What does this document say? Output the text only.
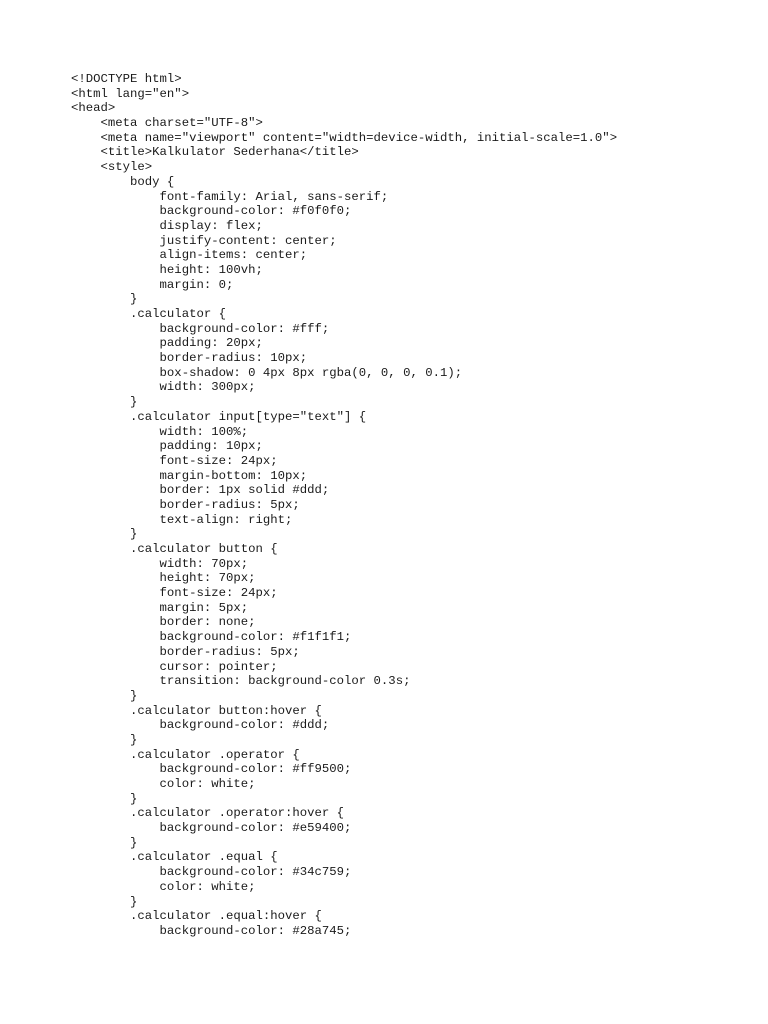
<!DOCTYPE html>
<html lang="en">
<head>
<meta charset="UTF-8">
<meta name="viewport" content="width=device-width, initial-scale=1.0">
<title>Kalkulator Sederhana</title>
<style>
body {
font-family: Arial, sans-serif;
background-color: #f0f0f0;
display: flex;
justify-content: center;
align-items: center;
height: 100vh;
margin: 0;
}
.calculator {
background-color: #fff;
padding: 20px;
border-radius: 10px;
box-shadow: 0 4px 8px rgba(0, 0, 0, 0.1);
width: 300px;
}
.calculator input[type="text"] {
width: 100%;
padding: 10px;
font-size: 24px;
margin-bottom: 10px;
border: 1px solid #ddd;
border-radius: 5px;
text-align: right;
}
.calculator button {
width: 70px;
height: 70px;
font-size: 24px;
margin: 5px;
border: none;
background-color: #f1f1f1;
border-radius: 5px;
cursor: pointer;
transition: background-color 0.3s;
}
.calculator button:hover {
background-color: #ddd;
}
.calculator .operator {
background-color: #ff9500;
color: white;
}
.calculator .operator:hover {
background-color: #e59400;
}
.calculator .equal {
background-color: #34c759;
color: white;
}
.calculator .equal:hover {
background-color: #28a745;
